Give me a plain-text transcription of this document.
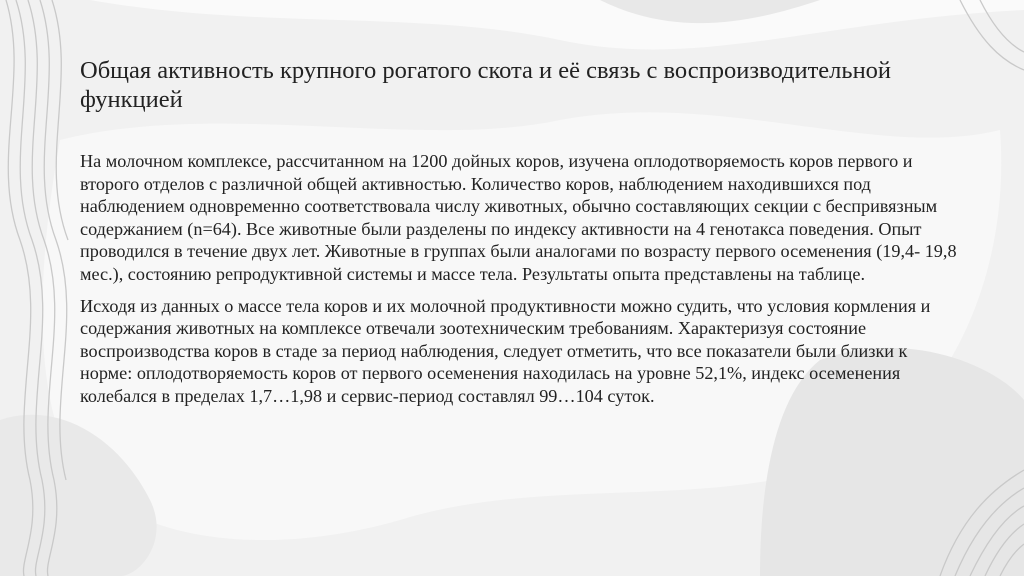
Общая активность крупного рогатого скота и её связь с воспроизводительной функцией

На молочном комплексе, рассчитанном на 1200 дойных коров, изучена оплодотворяемость коров первого и второго отделов с различной общей активностью. Количество коров, наблюдением находившихся под наблюдением одновременно соответствовала числу животных, обычно составляющих секции с беспривязным содержанием (n=64). Все животные были разделены по индексу активности на 4 генотакса поведения. Опыт проводился в течение двух лет. Животные в группах были аналогами по возрасту первого осеменения (19,4- 19,8 мес.), состоянию репродуктивной системы и массе тела. Результаты опыта представлены на таблице.

Исходя из данных о массе тела коров и их молочной продуктивности можно судить, что условия кормления и содержания животных на комплексе отвечали зоотехническим требованиям. Характеризуя состояние воспроизводства коров в стаде за период наблюдения, следует отметить, что все показатели были близки к норме: оплодотворяемость коров от первого осеменения находилась на уровне 52,1%, индекс осеменения колебался в пределах 1,7…1,98 и сервис-период составлял 99…104 суток.
